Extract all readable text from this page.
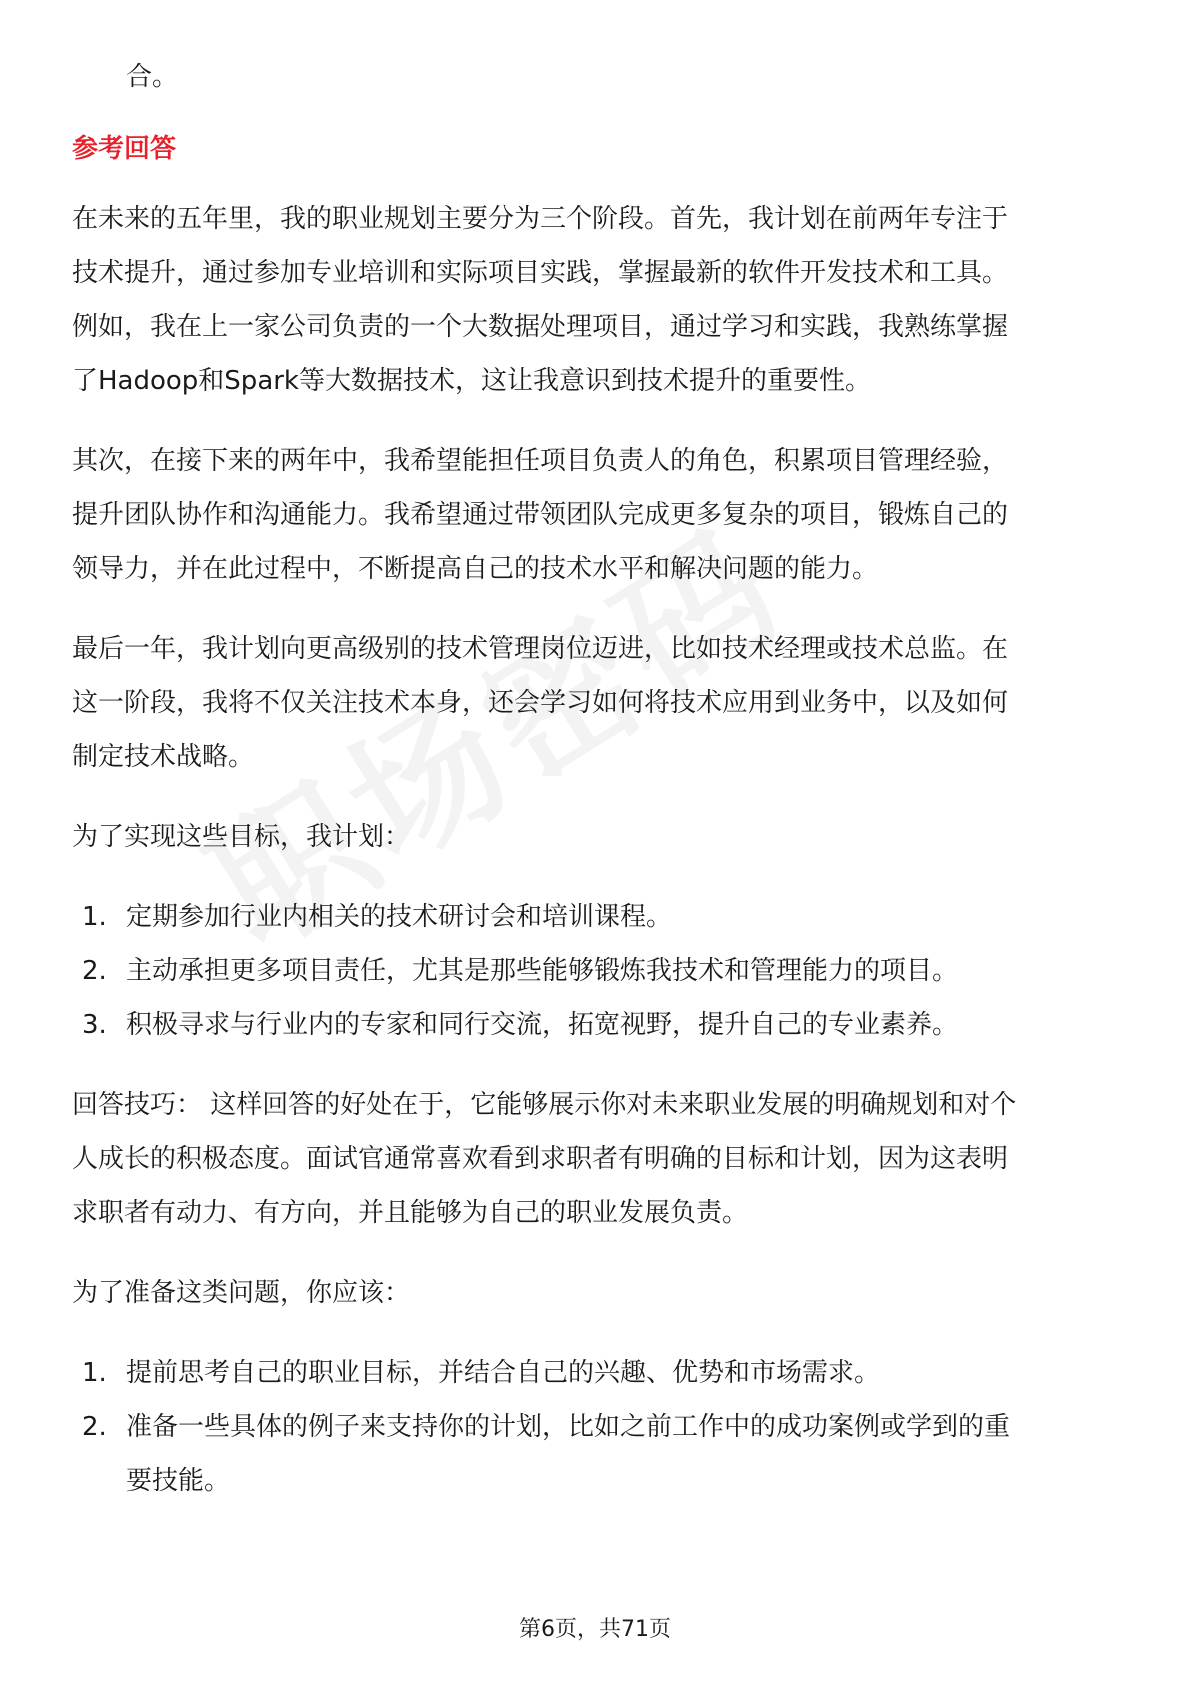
合。

参考回答

在未来的五年里，我的职业规划主要分为三个阶段。首先，我计划在前两年专注于

技术提升，通过参加专业培训和实际项目实践，掌握最新的软件开发技术和工具。

例如，我在上一家公司负责的一个大数据处理项目，通过学习和实践，我熟练掌握

了Hadoop和Spark等大数据技术，这让我意识到技术提升的重要性。

其次，在接下来的两年中，我希望能担任项目负责人的角色，积累项目管理经验，

提升团队协作和沟通能力。我希望通过带领团队完成更多复杂的项目，锻炼自己的

领导力，并在此过程中，不断提高自己的技术水平和解决问题的能力。

最后一年，我计划向更高级别的技术管理岗位迈进，比如技术经理或技术总监。在

这一阶段，我将不仅关注技术本身，还会学习如何将技术应用到业务中，以及如何

制定技术战略。

为了实现这些目标，我计划：

1. 定期参加行业内相关的技术研讨会和培训课程。
2. 主动承担更多项目责任，尤其是那些能够锻炼我技术和管理能力的项目。
3. 积极寻求与行业内的专家和同行交流，拓宽视野，提升自己的专业素养。

回答技巧： 这样回答的好处在于，它能够展示你对未来职业发展的明确规划和对个

人成长的积极态度。面试官通常喜欢看到求职者有明确的目标和计划，因为这表明

求职者有动力、有方向，并且能够为自己的职业发展负责。

为了准备这类问题，你应该：

1. 提前思考自己的职业目标，并结合自己的兴趣、优势和市场需求。
2. 准备一些具体的例子来支持你的计划，比如之前工作中的成功案例或学到的重
要技能。
第6页，共71页
